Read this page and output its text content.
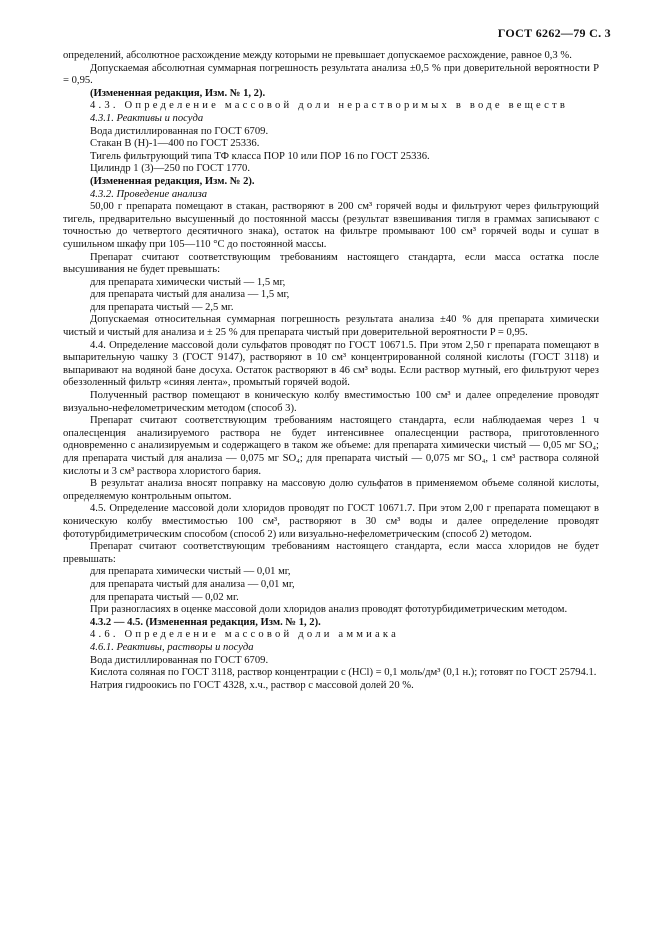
ГОСТ 6262—79 С. 3

определений, абсолютное расхождение между которыми не превышает допускаемое расхождение, равное 0,3 %.

Допускаемая абсолютная суммарная погрешность результата анализа ±0,5 % при доверительной вероятности P = 0,95.

(Измененная редакция, Изм. № 1, 2).

4.3. Определение массовой доли нерастворимых в воде веществ

4.3.1. Реактивы и посуда

Вода дистиллированная по ГОСТ 6709.

Стакан В (Н)-1—400 по ГОСТ 25336.

Тигель фильтрующий типа ТФ класса ПОР 10 или ПОР 16 по ГОСТ 25336.

Цилиндр 1 (3)—250 по ГОСТ 1770.

(Измененная редакция, Изм. № 2).

4.3.2. Проведение анализа

50,00 г препарата помещают в стакан, растворяют в 200 см³ горячей воды и фильтруют через фильтрующий тигель, предварительно высушенный до постоянной массы (результат взвешивания тигля в граммах записывают с точностью до четвертого десятичного знака), остаток на фильтре промывают 100 см³ горячей воды и сушат в сушильном шкафу при 105—110 °С до постоянной массы.

Препарат считают соответствующим требованиям настоящего стандарта, если масса остатка после высушивания не будет превышать:

для препарата химически чистый — 1,5 мг,

для препарата чистый для анализа — 1,5 мг,

для препарата чистый — 2,5 мг.

Допускаемая относительная суммарная погрешность результата анализа ±40 % для препарата химически чистый и чистый для анализа и ± 25 % для препарата чистый при доверительной вероятности P = 0,95.

4.4. Определение массовой доли сульфатов проводят по ГОСТ 10671.5. При этом 2,50 г препарата помещают в выпарительную чашку 3 (ГОСТ 9147), растворяют в 10 см³ концентрированной соляной кислоты (ГОСТ 3118) и выпаривают на водяной бане досуха. Остаток растворяют в 46 см³ воды. Если раствор мутный, его фильтруют через обеззоленный фильтр «синяя лента», промытый горячей водой.

Полученный раствор помещают в коническую колбу вместимостью 100 см³ и далее определение проводят визуально-нефелометрическим методом (способ 3).

Препарат считают соответствующим требованиям настоящего стандарта, если наблюдаемая через 1 ч опалесценция анализируемого раствора не будет интенсивнее опалесценции раствора, приготовленного одновременно с анализируемым и содержащего в таком же объеме: для препарата химически чистый — 0,05 мг SO₄; для препарата чистый для анализа — 0,075 мг SO₄; для препарата чистый — 0,075 мг SO₄, 1 см³ раствора соляной кислоты и 3 см³ раствора хлористого бария.

В результат анализа вносят поправку на массовую долю сульфатов в применяемом объеме соляной кислоты, определяемую контрольным опытом.

4.5. Определение массовой доли хлоридов проводят по ГОСТ 10671.7. При этом 2,00 г препарата помещают в коническую колбу вместимостью 100 см³, растворяют в 30 см³ воды и далее определение проводят фототурбидиметрическим способом (способ 2) или визуально-нефелометрическим (способ 2) методом.

Препарат считают соответствующим требованиям настоящего стандарта, если масса хлоридов не будет превышать:

для препарата химически чистый — 0,01 мг,

для препарата чистый для анализа — 0,01 мг,

для препарата чистый — 0,02 мг.

При разногласиях в оценке массовой доли хлоридов анализ проводят фототурбидиметрическим методом.

4.3.2 — 4.5. (Измененная редакция, Изм. № 1, 2).

4.6. Определение массовой доли аммиака

4.6.1. Реактивы, растворы и посуда

Вода дистиллированная по ГОСТ 6709.

Кислота соляная по ГОСТ 3118, раствор концентрации с (HCl) = 0,1 моль/дм³ (0,1 н.); готовят по ГОСТ 25794.1.

Натрия гидроокись по ГОСТ 4328, х.ч., раствор с массовой долей 20 %.
